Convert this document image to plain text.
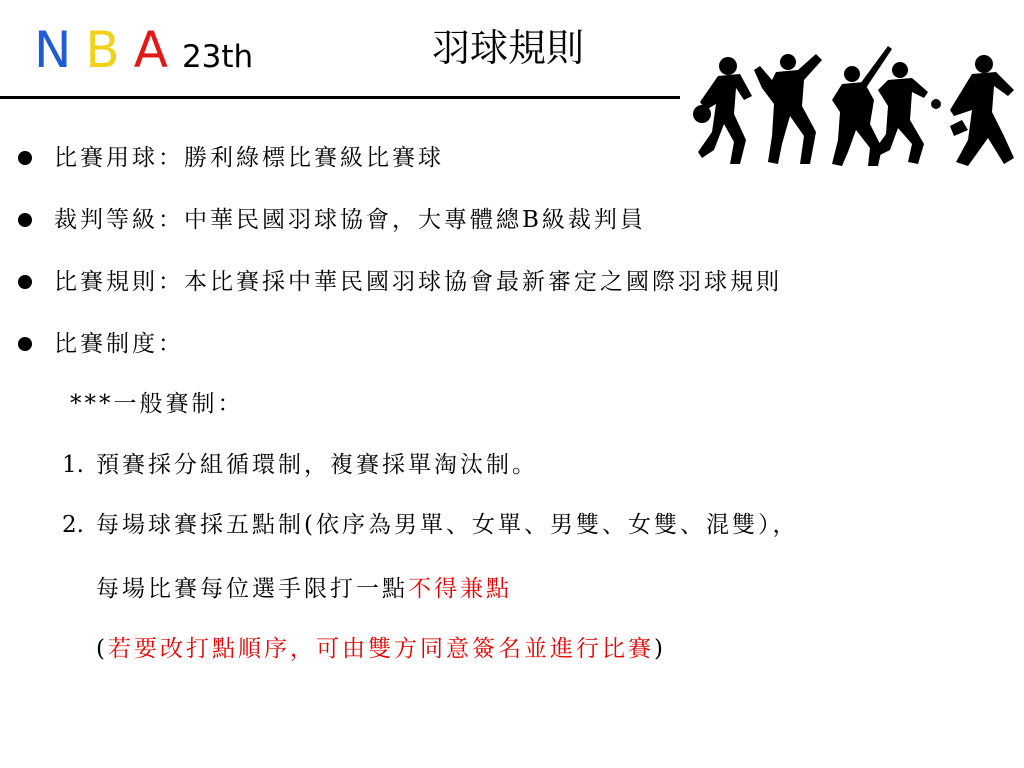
N B A 23th	羽球規則
比賽用球：勝利綠標比賽級比賽球
裁判等級：中華民國羽球協會，大專體總B級裁判員
比賽規則：本比賽採中華民國羽球協會最新審定之國際羽球規則
比賽制度：
***一般賽制：
1. 預賽採分組循環制，複賽採單淘汰制。
2. 每場球賽採五點制(依序為男單、女單、男雙、女雙、混雙），
每場比賽每位選手限打一點不得兼點
(若要改打點順序，可由雙方同意簽名並進行比賽)
